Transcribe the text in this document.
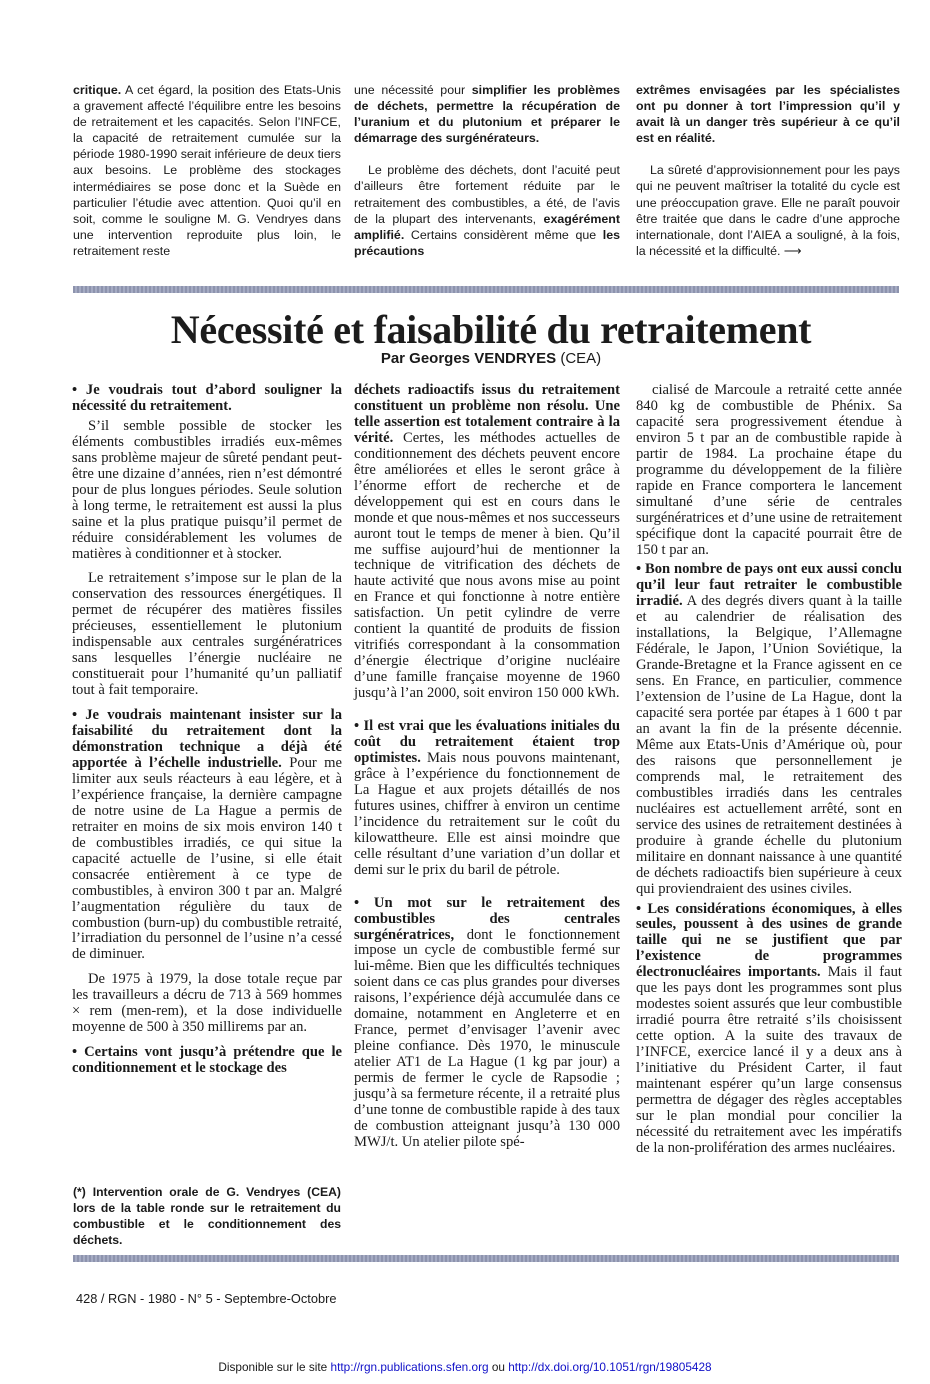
critique. A cet égard, la position des Etats-Unis a gravement affecté l’équilibre entre les besoins de retraitement et les capacités. Selon l’INFCE, la capacité de retraitement cumulée sur la période 1980-1990 serait inférieure de deux tiers aux besoins. Le problème des stockages intermédiaires se pose donc et la Suède en particulier l’étudie avec attention. Quoi qu’il en soit, comme le souligne M. G. Vendryes dans une intervention reproduite plus loin, le retraitement reste

une nécessité pour simplifier les problèmes de déchets, permettre la récupération de l’uranium et du plutonium et préparer le démarrage des surgénérateurs.

Le problème des déchets, dont l’acuité peut d’ailleurs être fortement réduite par le retraitement des combustibles, a été, de l’avis de la plupart des intervenants, exagérément amplifié. Certains considèrent même que les précautions

extrêmes envisagées par les spécialistes ont pu donner à tort l’impression qu’il y avait là un danger très supérieur à ce qu’il est en réalité.

La sûreté d’approvisionnement pour les pays qui ne peuvent maîtriser la totalité du cycle est une préoccupation grave. Elle ne paraît pouvoir être traitée que dans le cadre d’une approche internationale, dont l’AIEA a souligné, à la fois, la nécessité et la difficulté. ⟶

Nécessité et faisabilité du retraitement
Par Georges VENDRYES (CEA)

• Je voudrais tout d’abord souligner la nécessité du retraitement.

S’il semble possible de stocker les éléments combustibles irradiés eux-mêmes sans problème majeur de sûreté pendant peut-être une dizaine d’années, rien n’est démontré pour de plus longues périodes. Seule solution à long terme, le retraitement est aussi la plus saine et la plus pratique puisqu’il permet de réduire considérablement les volumes de matières à conditionner et à stocker.

Le retraitement s’impose sur le plan de la conservation des ressources énergétiques. Il permet de récupérer des matières fissiles précieuses, essentiellement le plutonium indispensable aux centrales surgénératrices sans lesquelles l’énergie nucléaire ne constituerait pour l’humanité qu’un palliatif tout à fait temporaire.

• Je voudrais maintenant insister sur la faisabilité du retraitement dont la démonstration technique a déjà été apportée à l’échelle industrielle. Pour me limiter aux seuls réacteurs à eau légère, et à l’expérience française, la dernière campagne de notre usine de La Hague a permis de retraiter en moins de six mois environ 140 t de combustibles irradiés, ce qui situe la capacité actuelle de l’usine, si elle était consacrée entièrement à ce type de combustibles, à environ 300 t par an. Malgré l’augmentation régulière du taux de combustion (burn-up) du combustible retraité, l’irradiation du personnel de l’usine n’a cessé de diminuer.

De 1975 à 1979, la dose totale reçue par les travailleurs a décru de 713 à 569 hommes × rem (men-rem), et la dose individuelle moyenne de 500 à 350 millirems par an.

• Certains vont jusqu’à prétendre que le conditionnement et le stockage des

déchets radioactifs issus du retraitement constituent un problème non résolu. Une telle assertion est totalement contraire à la vérité. Certes, les méthodes actuelles de conditionnement des déchets peuvent encore être améliorées et elles le seront grâce à l’énorme effort de recherche et de développement qui est en cours dans le monde et que nous-mêmes et nos successeurs auront tout le temps de mener à bien. Qu’il me suffise aujourd’hui de mentionner la technique de vitrification des déchets de haute activité que nous avons mise au point en France et qui fonctionne à notre entière satisfaction. Un petit cylindre de verre contient la quantité de produits de fission vitrifiés correspondant à la consommation d’énergie électrique d’origine nucléaire d’une famille française moyenne de 1960 jusqu’à l’an 2000, soit environ 150 000 kWh.

• Il est vrai que les évaluations initiales du coût du retraitement étaient trop optimistes. Mais nous pouvons maintenant, grâce à l’expérience du fonctionnement de La Hague et aux projets détaillés de nos futures usines, chiffrer à environ un centime l’incidence du retraitement sur le coût du kilowattheure. Elle est ainsi moindre que celle résultant d’une variation d’un dollar et demi sur le prix du baril de pétrole.

• Un mot sur le retraitement des combustibles des centrales surgénératrices, dont le fonctionnement impose un cycle de combustible fermé sur lui-même. Bien que les difficultés techniques soient dans ce cas plus grandes pour diverses raisons, l’expérience déjà accumulée dans ce domaine, notamment en Angleterre et en France, permet d’envisager l’avenir avec pleine confiance. Dès 1970, le minuscule atelier AT1 de La Hague (1 kg par jour) a permis de fermer le cycle de Rapsodie ; jusqu’à sa fermeture récente, il a retraité plus d’une tonne de combustible rapide à des taux de combustion atteignant jusqu’à 130 000 MWJ/t. Un atelier pilote spé-

cialisé de Marcoule a retraité cette année 840 kg de combustible de Phénix. Sa capacité sera progressivement étendue à environ 5 t par an de combustible rapide à partir de 1984. La prochaine étape du programme du développement de la filière rapide en France comportera le lancement simultané d’une série de centrales surgénératrices et d’une usine de retraitement spécifique dont la capacité pourrait être de 150 t par an.

• Bon nombre de pays ont eux aussi conclu qu’il leur faut retraiter le combustible irradié. A des degrés divers quant à la taille et au calendrier de réalisation des installations, la Belgique, l’Allemagne Fédérale, le Japon, l’Union Soviétique, la Grande-Bretagne et la France agissent en ce sens. En France, en particulier, commence l’extension de l’usine de La Hague, dont la capacité sera portée par étapes à 1 600 t par an avant la fin de la présente décennie. Même aux Etats-Unis d’Amérique où, pour des raisons que personnellement je comprends mal, le retraitement des combustibles irradiés dans les centrales nucléaires est actuellement arrêté, sont en service des usines de retraitement destinées à produire à grande échelle du plutonium militaire en donnant naissance à une quantité de déchets radioactifs bien supérieure à ceux qui proviendraient des usines civiles.

• Les considérations économiques, à elles seules, poussent à des usines de grande taille qui ne se justifient que par l’existence de programmes électronucléaires importants. Mais il faut que les pays dont les programmes sont plus modestes soient assurés que leur combustible irradié pourra être retraité s’ils choisissent cette option. A la suite des travaux de l’INFCE, exercice lancé il y a deux ans à l’initiative du Président Carter, il faut maintenant espérer qu’un large consensus permettra de dégager des règles acceptables sur le plan mondial pour concilier la nécessité du retraitement avec les impératifs de la non-prolifération des armes nucléaires.

(*) Intervention orale de G. Vendryes (CEA) lors de la table ronde sur le retraitement du combustible et le conditionnement des déchets.
428 / RGN - 1980 - N° 5 - Septembre-Octobre
Disponible sur le site http://rgn.publications.sfen.org ou http://dx.doi.org/10.1051/rgn/19805428
